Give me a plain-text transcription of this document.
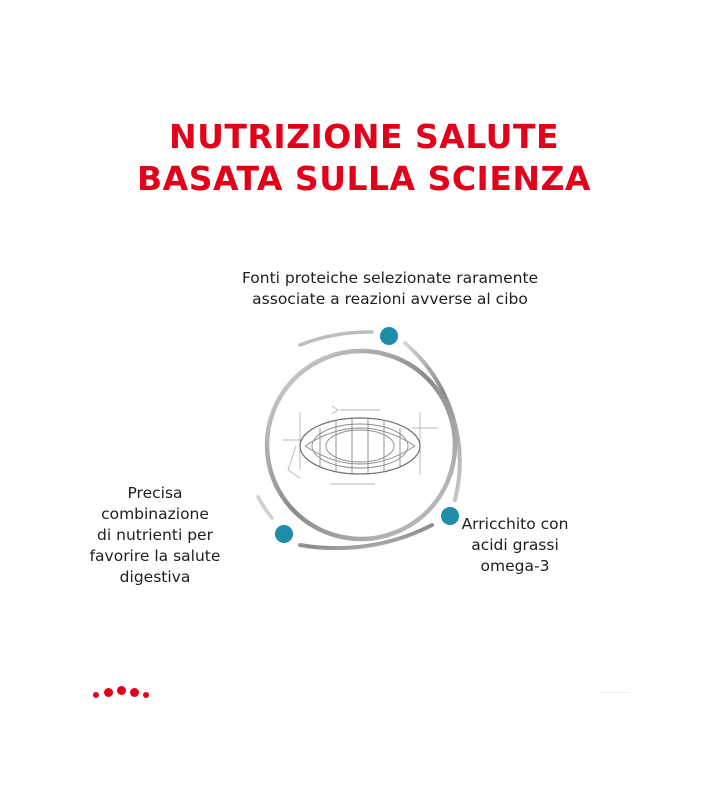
NUTRIZIONE SALUTE
BASATA SULLA SCIENZA
Fonti proteiche selezionate raramente
associate a reazioni avverse al cibo
Precisa
combinazione
di nutrienti per
favorire la salute
digestiva
Arricchito con
acidi grassi
omega-3
